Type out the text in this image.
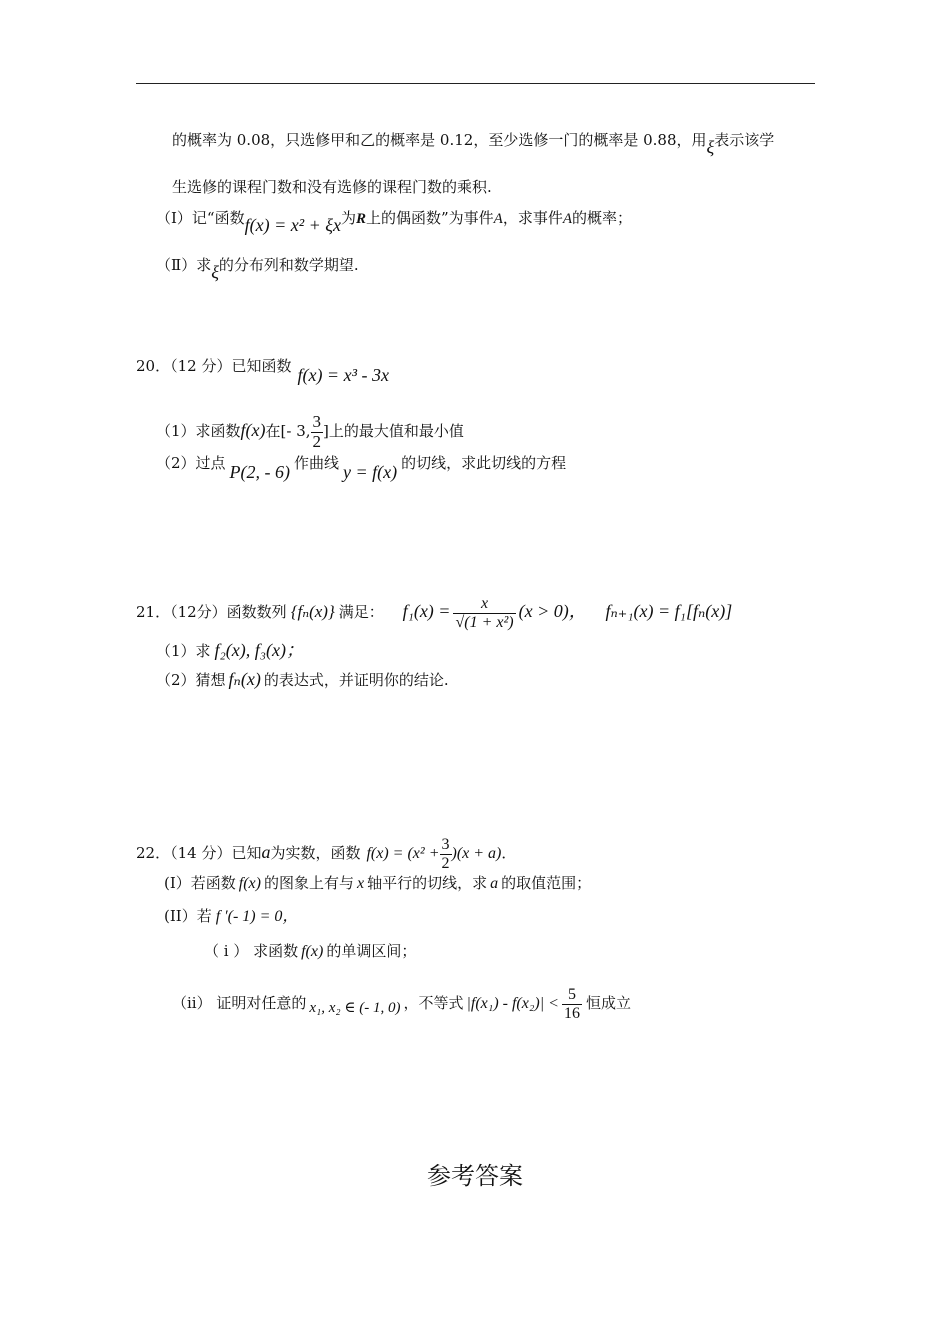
的概率为 0.08，只选修甲和乙的概率是 0.12，至少选修一门的概率是 0.88，用ξ表示该学
生选修的课程门数和没有选修的课程门数的乘积.
（Ⅰ）记“函数f(x) = x² + ξx为R上的偶函数”为事件A，求事件A的概率；
（Ⅱ）求ξ的分布列和数学期望.
20．（12 分）已知函数 f(x) = x³ - 3x
（1）求函数f(x)在[- 3, $\frac{3}{2}$ ]上的最大值和最小值
（2）过点 P(2, - 6) 作曲线 y = f(x) 的切线，求此切线的方程
21．（12分）函数数列 {fₙ(x)} 满足： $f_1(x) = \frac{x}{\text{√(1 + x²)}} (x > 0)$， fₙ₊₁(x) = f₁[fₙ(x)]
（1）求 f₂(x), f₃(x)；
（2）猜想 fₙ(x) 的表达式，并证明你的结论.
22．（14 分）已知a为实数，函数 $f(x) = (x^2 + \frac{3}{2} )(x + a)$．
(I）若函数 f(x) 的图象上有与 x 轴平行的切线，求 a 的取值范围；
(II）若 f ′(- 1) = 0，
（ i ） 求函数 f(x) 的单调区间；
（ii） 证明对任意的 x₁, x₂ ∈ (- 1, 0) ，不等式 $|f(x_1) - f(x_2)| < \frac{5}{16}$ 恒成立
参考答案
